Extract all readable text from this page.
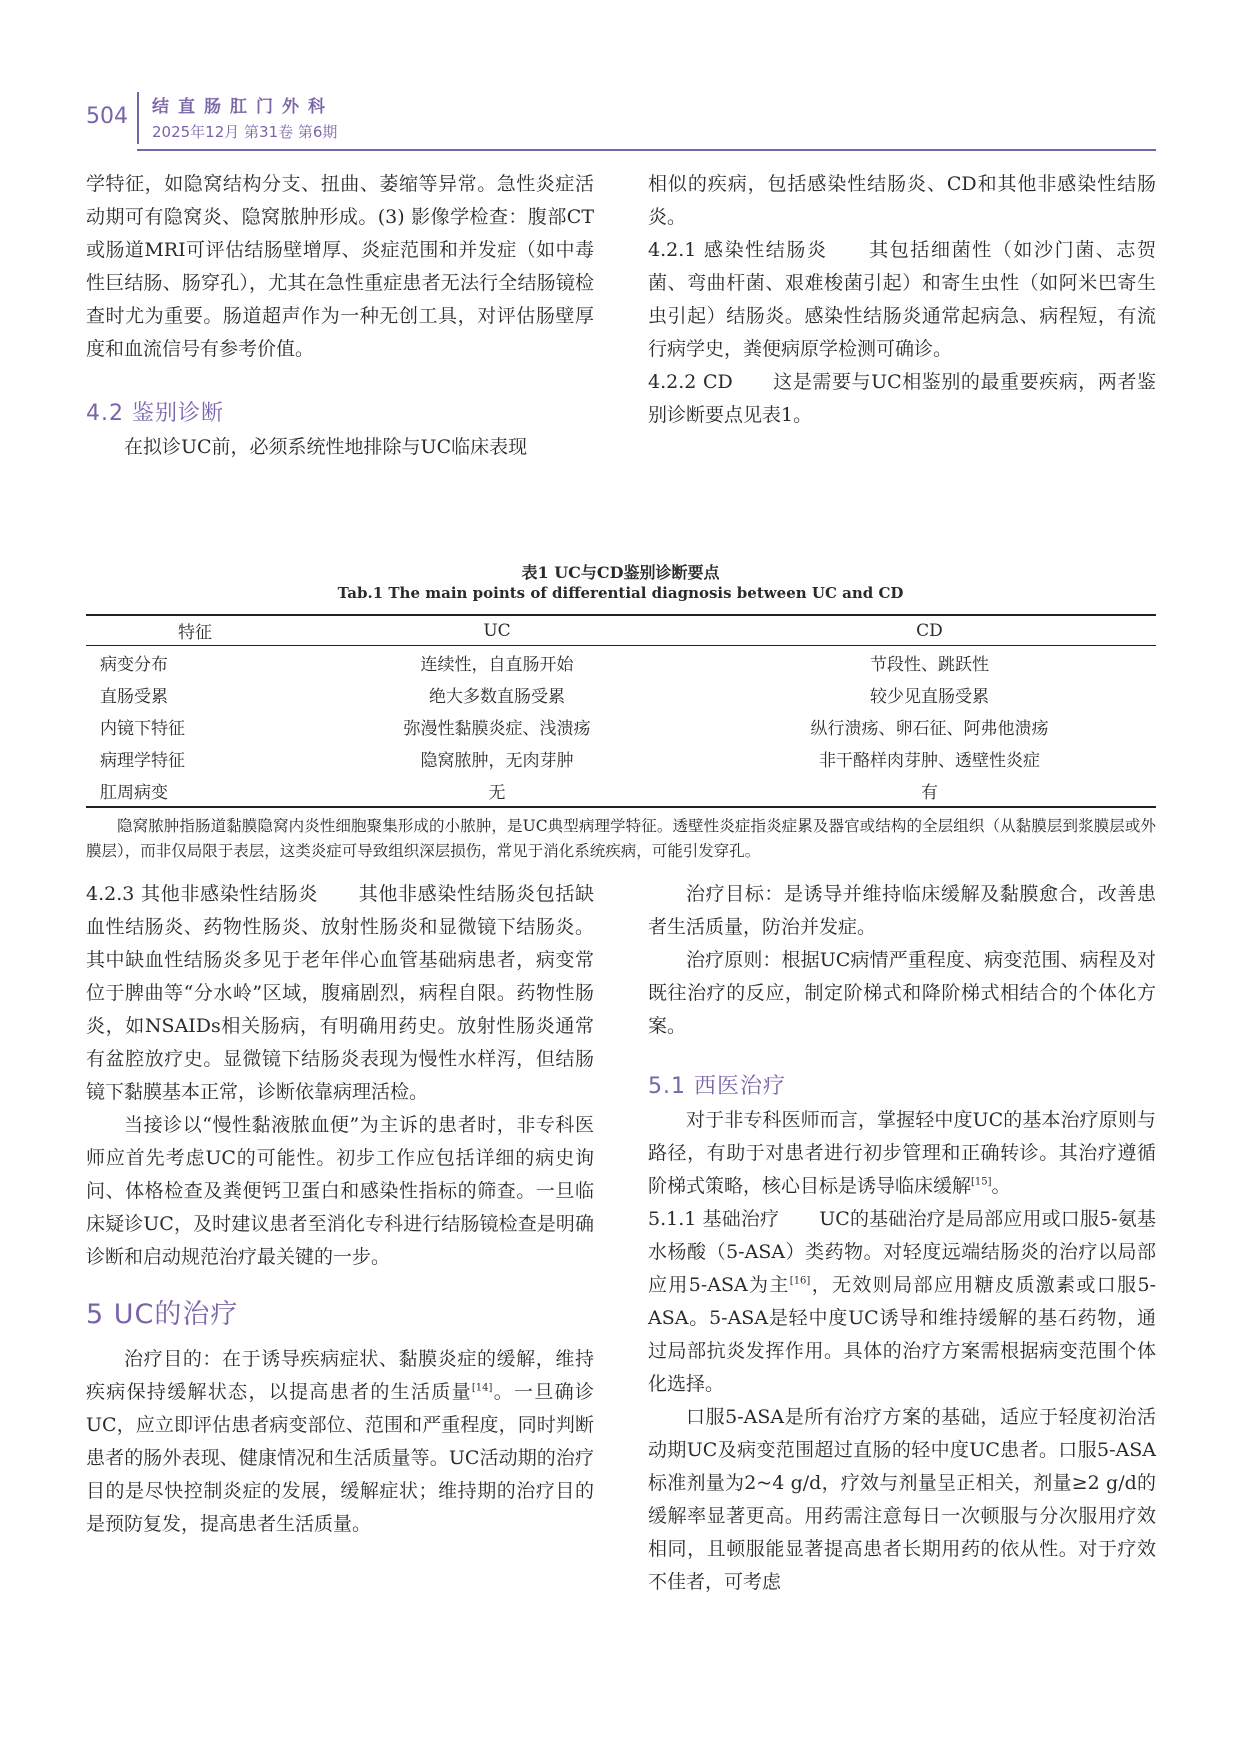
504 结直肠肛门外科
2025年12月 第31卷 第6期

学特征，如隐窝结构分支、扭曲、萎缩等异常。急性炎症活动期可有隐窝炎、隐窝脓肿形成。(3) 影像学检查：腹部CT或肠道MRI可评估结肠壁增厚、炎症范围和并发症（如中毒性巨结肠、肠穿孔），尤其在急性重症患者无法行全结肠镜检查时尤为重要。肠道超声作为一种无创工具，对评估肠壁厚度和血流信号有参考价值。

4.2 鉴别诊断

在拟诊UC前，必须系统性地排除与UC临床表现

相似的疾病，包括感染性结肠炎、CD和其他非感染性结肠炎。

4.2.1 感染性结肠炎 其包括细菌性（如沙门菌、志贺菌、弯曲杆菌、艰难梭菌引起）和寄生虫性（如阿米巴寄生虫引起）结肠炎。感染性结肠炎通常起病急、病程短，有流行病学史，粪便病原学检测可确诊。

4.2.2 CD 这是需要与UC相鉴别的最重要疾病，两者鉴别诊断要点见表1。

表1 UC与CD鉴别诊断要点
Tab.1 The main points of differential diagnosis between UC and CD
特征	UC	CD
病变分布	连续性，自直肠开始	节段性、跳跃性
直肠受累	绝大多数直肠受累	较少见直肠受累
内镜下特征	弥漫性黏膜炎症、浅溃疡	纵行溃疡、卵石征、阿弗他溃疡
病理学特征	隐窝脓肿，无肉芽肿	非干酪样肉芽肿、透壁性炎症
肛周病变	无	有
隐窝脓肿指肠道黏膜隐窝内炎性细胞聚集形成的小脓肿，是UC典型病理学特征。透壁性炎症指炎症累及器官或结构的全层组织（从黏膜层到浆膜层或外膜层），而非仅局限于表层，这类炎症可导致组织深层损伤，常见于消化系统疾病，可能引发穿孔。

4.2.3 其他非感染性结肠炎 其他非感染性结肠炎包括缺血性结肠炎、药物性肠炎、放射性肠炎和显微镜下结肠炎。其中缺血性结肠炎多见于老年伴心血管基础病患者，病变常位于脾曲等“分水岭”区域，腹痛剧烈，病程自限。药物性肠炎，如NSAIDs相关肠病，有明确用药史。放射性肠炎通常有盆腔放疗史。显微镜下结肠炎表现为慢性水样泻，但结肠镜下黏膜基本正常，诊断依靠病理活检。

当接诊以“慢性黏液脓血便”为主诉的患者时，非专科医师应首先考虑UC的可能性。初步工作应包括详细的病史询问、体格检查及粪便钙卫蛋白和感染性指标的筛查。一旦临床疑诊UC，及时建议患者至消化专科进行结肠镜检查是明确诊断和启动规范治疗最关键的一步。

5 UC的治疗

治疗目的：在于诱导疾病症状、黏膜炎症的缓解，维持疾病保持缓解状态，以提高患者的生活质量[14]。一旦确诊UC，应立即评估患者病变部位、范围和严重程度，同时判断患者的肠外表现、健康情况和生活质量等。UC活动期的治疗目的是尽快控制炎症的发展，缓解症状；维持期的治疗目的是预防复发，提高患者生活质量。

治疗目标：是诱导并维持临床缓解及黏膜愈合，改善患者生活质量，防治并发症。

治疗原则：根据UC病情严重程度、病变范围、病程及对既往治疗的反应，制定阶梯式和降阶梯式相结合的个体化方案。

5.1 西医治疗

对于非专科医师而言，掌握轻中度UC的基本治疗原则与路径，有助于对患者进行初步管理和正确转诊。其治疗遵循阶梯式策略，核心目标是诱导临床缓解[15]。

5.1.1 基础治疗 UC的基础治疗是局部应用或口服5-氨基水杨酸（5-ASA）类药物。对轻度远端结肠炎的治疗以局部应用5-ASA为主[16]，无效则局部应用糖皮质激素或口服5-ASA。5-ASA是轻中度UC诱导和维持缓解的基石药物，通过局部抗炎发挥作用。具体的治疗方案需根据病变范围个体化选择。

口服5-ASA是所有治疗方案的基础，适应于轻度初治活动期UC及病变范围超过直肠的轻中度UC患者。口服5-ASA标准剂量为2~4 g/d，疗效与剂量呈正相关，剂量≥2 g/d的缓解率显著更高。用药需注意每日一次顿服与分次服用疗效相同，且顿服能显著提高患者长期用药的依从性。对于疗效不佳者，可考虑
